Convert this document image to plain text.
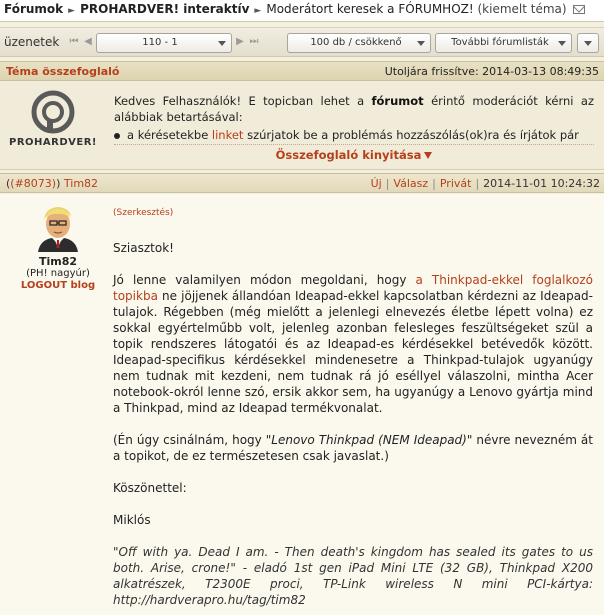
Fórumok ► PROHARDVER! interaktív ► Moderátort keresek a FÓRUMHOZ! (kiemelt téma)
üzenetek ⏮ ◀	110 - 1	▶ ⏭	100 db / csökkenő	További fórumlisták
Téma összefoglaló	Utoljára frissítve: 2014-03-13 08:49:35
PROHARDVER!
Kedves Felhasználók! E topicban lehet a fórumot érintő moderációt kérni az alábbiak betartásával:
a kérésetekbe linket szúrjatok be a problémás hozzászólás(ok)ra és írjátok pár
Összefoglaló kinyitása
((#8073)) Tim82	Új | Válasz | Privát | 2014-11-01 10:24:32
Tim82
(PH! nagyúr)
LOGOUT blog
(Szerkesztés)

Sziasztok!

Jó lenne valamilyen módon megoldani, hogy a Thinkpad-ekkel foglalkozó topikba ne jöjjenek állandóan Ideapad-ekkel kapcsolatban kérdezni az Ideapad-tulajok. Régebben (még mielőtt a jelenlegi elnevezés életbe lépett volna) ez sokkal egyértelműbb volt, jelenleg azonban felesleges feszültségeket szül a topik rendszeres látogatói és az Ideapad-es kérdésekkel betévedők között. Ideapad-specifikus kérdésekkel mindenesetre a Thinkpad-tulajok ugyanúgy nem tudnak mit kezdeni, nem tudnak rá jó eséllyel válaszolni, mintha Acer notebook-okról lenne szó, ersik akkor sem, ha ugyanúgy a Lenovo gyártja mind a Thinkpad, mind az Ideapad termékvonalat.

(Én úgy csinálnám, hogy "Lenovo Thinkpad (NEM Ideapad)" névre nevezném át a topikot, de ez természetesen csak javaslat.)

Köszönettel:

Miklós

"Off with ya. Dead I am. - Then death's kingdom has sealed its gates to us both. Arise, crone!" - eladó 1st gen iPad Mini LTE (32 GB), Thinkpad X200 alkatrészek, T2300E proci, TP-Link wireless N mini PCI-kártya: http://hardverapro.hu/tag/tim82
